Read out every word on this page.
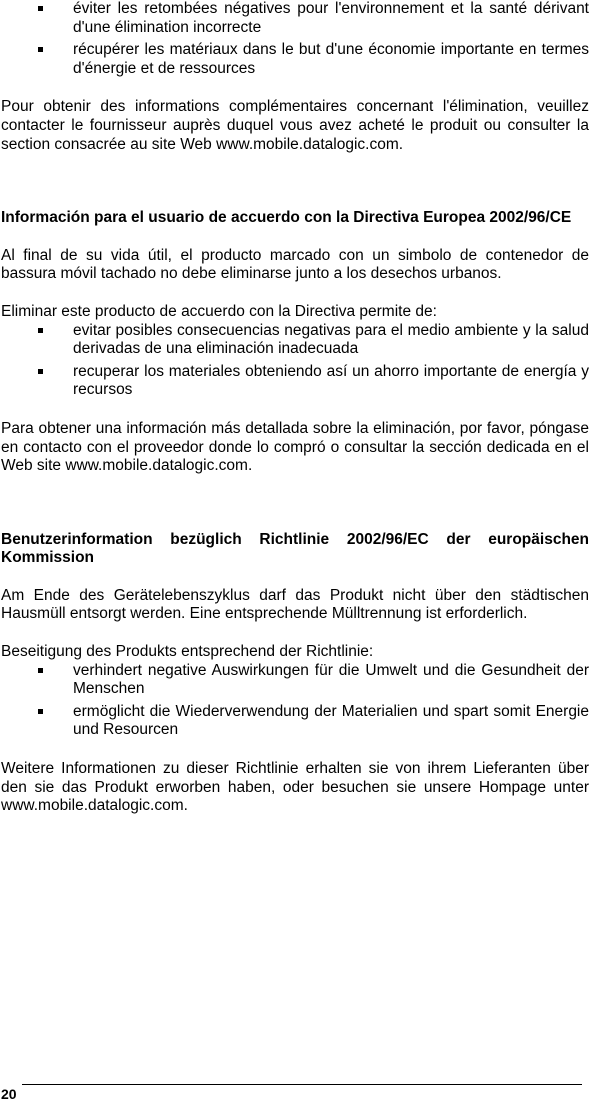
éviter les retombées négatives pour l'environnement et la santé dérivant d'une élimination incorrecte
récupérer les matériaux dans le but d'une économie importante en termes d'énergie et de ressources

Pour obtenir des informations complémentaires concernant l'élimination, veuillez contacter le fournisseur auprès duquel vous avez acheté le produit ou consulter la section consacrée au site Web www.mobile.datalogic.com.

Información para el usuario de accuerdo con la Directiva Europea 2002/96/CE

Al final de su vida útil, el producto marcado con un simbolo de contenedor de bassura móvil tachado no debe eliminarse junto a los desechos urbanos.

Eliminar este producto de accuerdo con la Directiva permite de:

evitar posibles consecuencias negativas para el medio ambiente y la salud derivadas de una eliminación inadecuada
recuperar los materiales obteniendo así un ahorro importante de energía y recursos

Para obtener una información más detallada sobre la eliminación, por favor, póngase en contacto con el proveedor donde lo compró o consultar la sección dedicada en el Web site www.mobile.datalogic.com.

Benutzerinformation bezüglich Richtlinie 2002/96/EC der europäischen Kommission

Am Ende des Gerätelebenszyklus darf das Produkt nicht über den städtischen Hausmüll entsorgt werden. Eine entsprechende Mülltrennung ist erforderlich.

Beseitigung des Produkts entsprechend der Richtlinie:

verhindert negative Auswirkungen für die Umwelt und die Gesundheit der Menschen
ermöglicht die Wiederverwendung der Materialien und spart somit Energie und Resourcen

Weitere Informationen zu dieser Richtlinie erhalten sie von ihrem Lieferanten über den sie das Produkt erworben haben, oder besuchen sie unsere Hompage unter www.mobile.datalogic.com.

20
